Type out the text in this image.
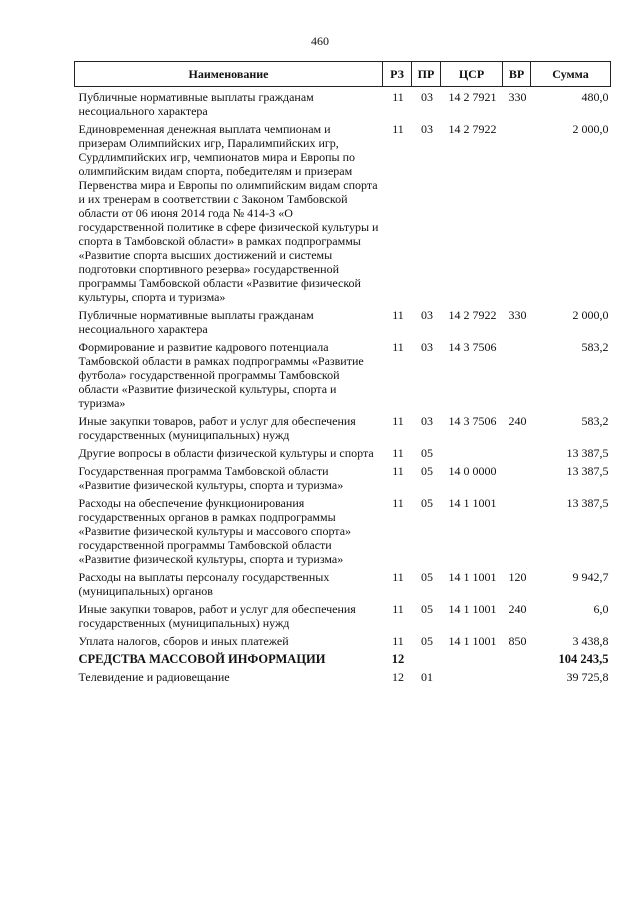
460
Наименование	РЗ	ПР	ЦСР	ВР	Сумма
Публичные нормативные выплаты гражданам несоциального характера	11	03	14 2 7921	330	480,0
Единовременная денежная выплата чемпионам и призерам Олимпийских игр, Паралимпийских игр, Сурдлимпийских игр, чемпионатов мира и Европы по олимпийским видам спорта, победителям и призерам Первенства мира и Европы по олимпийским видам спорта и их тренерам в соответствии с Законом Тамбовской области от 06 июня 2014 года № 414-З «О государственной политике в сфере физической культуры и спорта в Тамбовской области» в рамках подпрограммы «Развитие спорта высших достижений и системы подготовки спортивного резерва» государственной программы Тамбовской области «Развитие физической культуры, спорта и туризма»	11	03	14 2 7922		2 000,0
Публичные нормативные выплаты гражданам несоциального характера	11	03	14 2 7922	330	2 000,0
Формирование и развитие кадрового потенциала Тамбовской области в рамках подпрограммы «Развитие футбола» государственной программы Тамбовской области «Развитие физической культуры, спорта и туризма»	11	03	14 3 7506		583,2
Иные закупки товаров, работ и услуг для обеспечения государственных (муниципальных) нужд	11	03	14 3 7506	240	583,2
Другие вопросы в области физической культуры и спорта	11	05			13 387,5
Государственная программа Тамбовской области «Развитие физической культуры, спорта и туризма»	11	05	14 0 0000		13 387,5
Расходы на обеспечение функционирования государственных органов в рамках подпрограммы «Развитие физической культуры и массового спорта» государственной программы Тамбовской области «Развитие физической культуры, спорта и туризма»	11	05	14 1 1001		13 387,5
Расходы на выплаты персоналу государственных (муниципальных) органов	11	05	14 1 1001	120	9 942,7
Иные закупки товаров, работ и услуг для обеспечения государственных (муниципальных) нужд	11	05	14 1 1001	240	6,0
Уплата налогов, сборов и иных платежей	11	05	14 1 1001	850	3 438,8
СРЕДСТВА МАССОВОЙ ИНФОРМАЦИИ	12				104 243,5
Телевидение и радиовещание	12	01			39 725,8
